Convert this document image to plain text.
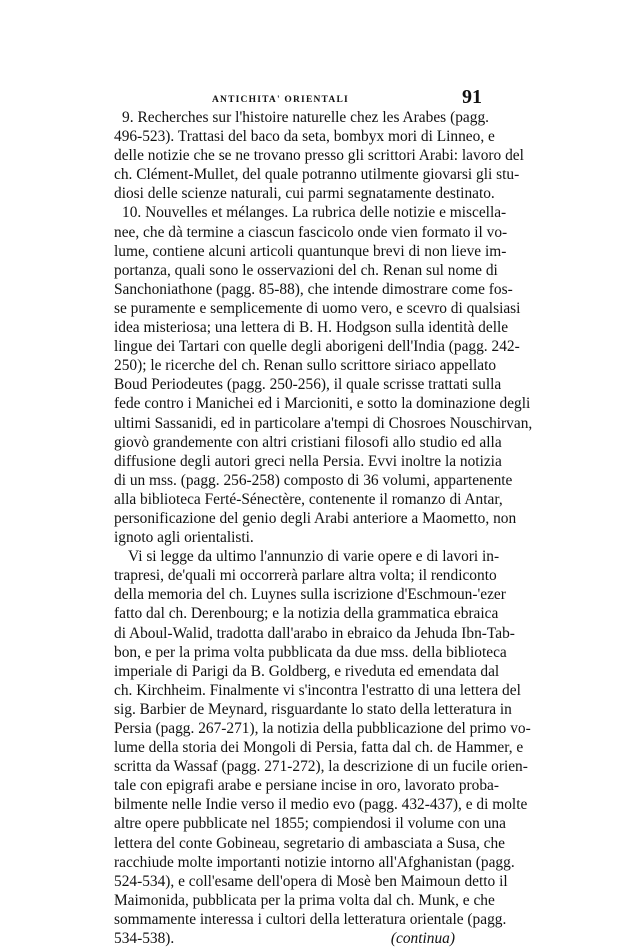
ANTICHITA' ORIENTALI	91
9. Recherches sur l'histoire naturelle chez les Arabes (pagg.
496-523). Trattasi del baco da seta, bombyx mori di Linneo, e
delle notizie che se ne trovano presso gli scrittori Arabi: lavoro del
ch. Clément-Mullet, del quale potranno utilmente giovarsi gli stu-
diosi delle scienze naturali, cui parmi segnatamente destinato.
10. Nouvelles et mélanges. La rubrica delle notizie e miscella-
nee, che dà termine a ciascun fascicolo onde vien formato il vo-
lume, contiene alcuni articoli quantunque brevi di non lieve im-
portanza, quali sono le osservazioni del ch. Renan sul nome di
Sanchoniathone (pagg. 85-88), che intende dimostrare come fos-
se puramente e semplicemente di uomo vero, e scevro di qualsiasi
idea misteriosa; una lettera di B. H. Hodgson sulla identità delle
lingue dei Tartari con quelle degli aborigeni dell'India (pagg. 242-
250); le ricerche del ch. Renan sullo scrittore siriaco appellato
Boud Periodeutes (pagg. 250-256), il quale scrisse trattati sulla
fede contro i Manichei ed i Marcioniti, e sotto la dominazione degli
ultimi Sassanidi, ed in particolare a'tempi di Chosroes Nouschirvan,
giovò grandemente con altri cristiani filosofi allo studio ed alla
diffusione degli autori greci nella Persia. Evvi inoltre la notizia
di un mss. (pagg. 256-258) composto di 36 volumi, appartenente
alla biblioteca Ferté-Sénectère, contenente il romanzo di Antar,
personificazione del genio degli Arabi anteriore a Maometto, non
ignoto agli orientalisti.
Vi si legge da ultimo l'annunzio di varie opere e di lavori in-
trapresi, de'quali mi occorrerà parlare altra volta; il rendiconto
della memoria del ch. Luynes sulla iscrizione d'Eschmoun-'ezer
fatto dal ch. Derenbourg; e la notizia della grammatica ebraica
di Aboul-Walid, tradotta dall'arabo in ebraico da Jehuda Ibn-Tab-
bon, e per la prima volta pubblicata da due mss. della biblioteca
imperiale di Parigi da B. Goldberg, e riveduta ed emendata dal
ch. Kirchheim. Finalmente vi s'incontra l'estratto di una lettera del
sig. Barbier de Meynard, risguardante lo stato della letteratura in
Persia (pagg. 267-271), la notizia della pubblicazione del primo vo-
lume della storia dei Mongoli di Persia, fatta dal ch. de Hammer, e
scritta da Wassaf (pagg. 271-272), la descrizione di un fucile orien-
tale con epigrafi arabe e persiane incise in oro, lavorato proba-
bilmente nelle Indie verso il medio evo (pagg. 432-437), e di molte
altre opere pubblicate nel 1855; compiendosi il volume con una
lettera del conte Gobineau, segretario di ambasciata a Susa, che
racchiude molte importanti notizie intorno all'Afghanistan (pagg.
524-534), e coll'esame dell'opera di Mosè ben Maimoun detto il
Maimonida, pubblicata per la prima volta dal ch. Munk, e che
sommamente interessa i cultori della letteratura orientale (pagg.
534-538).	(continua)
